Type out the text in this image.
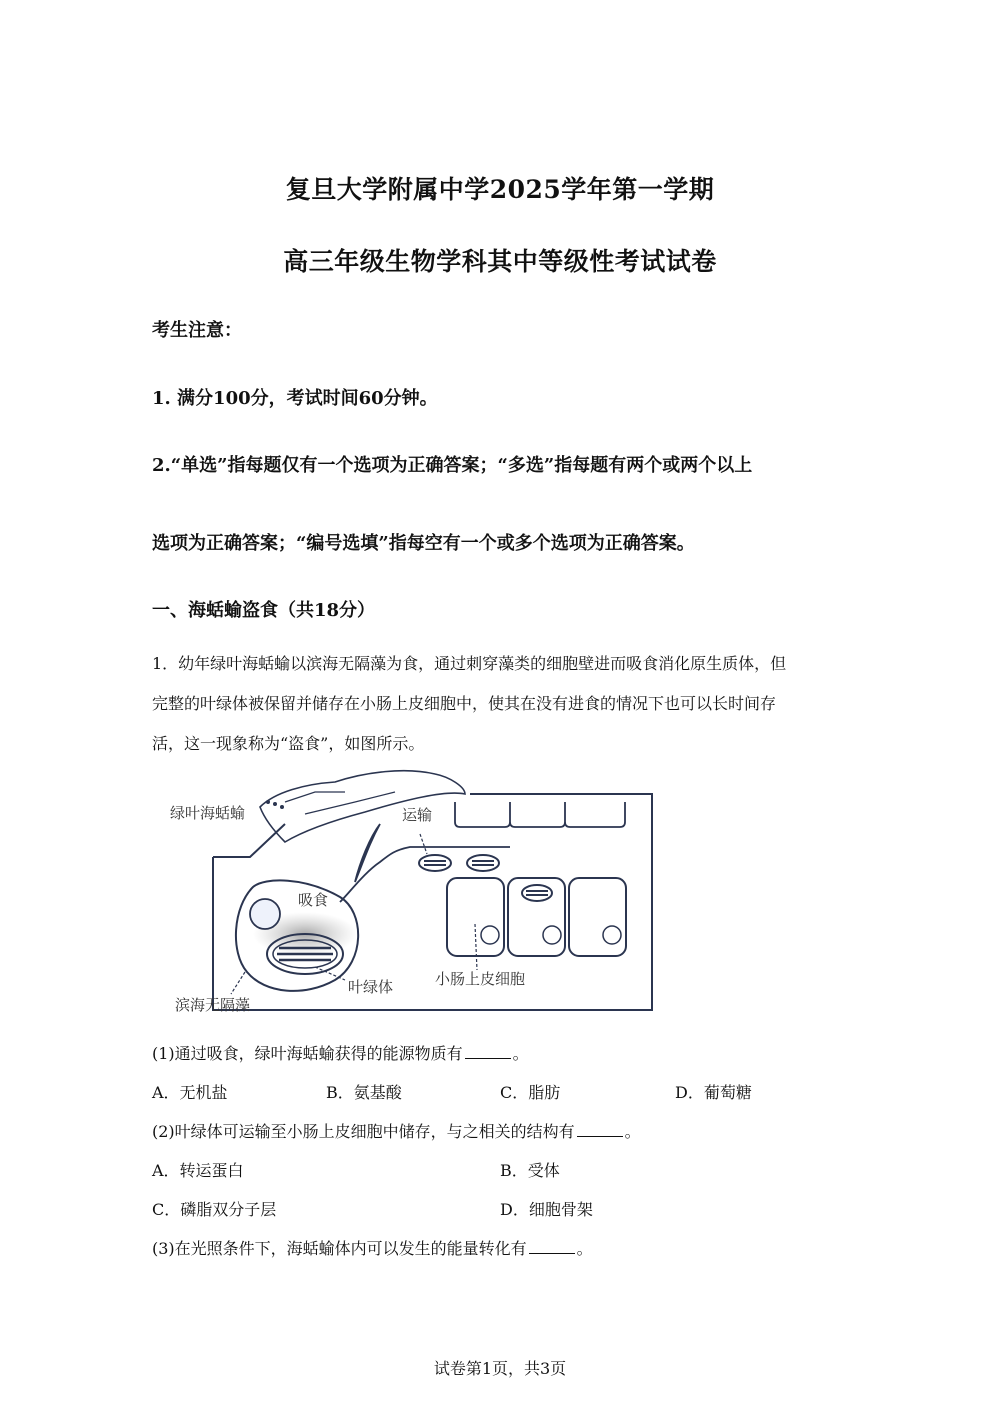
复旦大学附属中学2025学年第一学期
高三年级生物学科其中等级性考试试卷
考生注意：
1. 满分100分，考试时间60分钟。
2.“单选”指每题仅有一个选项为正确答案；“多选”指每题有两个或两个以上
选项为正确答案；“编号选填”指每空有一个或多个选项为正确答案。
一、海蛞蝓盗食（共18分）

1．幼年绿叶海蛞蝓以滨海无隔藻为食，通过刺穿藻类的细胞壁进而吸食消化原生质体，但

完整的叶绿体被保留并储存在小肠上皮细胞中，使其在没有进食的情况下也可以长时间存

活，这一现象称为“盗食”，如图所示。

绿叶海蛞蝓	运输
吸食
叶绿体	小肠上皮细胞
滨海无隔藻
(1)通过吸食，绿叶海蛞蝓获得的能源物质有	。
A．无机盐	B．氨基酸	C．脂肪	D．葡萄糖
(2)叶绿体可运输至小肠上皮细胞中储存，与之相关的结构有	。
A．转运蛋白	B．受体
C．磷脂双分子层	D．细胞骨架
(3)在光照条件下，海蛞蝓体内可以发生的能量转化有	。
试卷第1页，共3页
